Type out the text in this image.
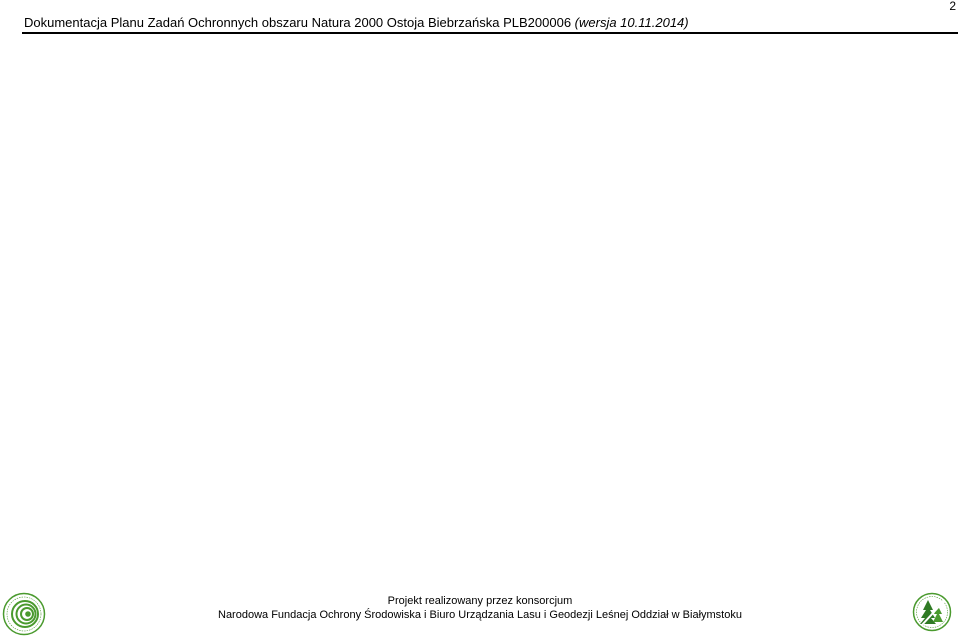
2
Dokumentacja Planu Zadań Ochronnych obszaru Natura 2000 Ostoja Biebrzańska PLB200006 (wersja 10.11.2014)
Projekt realizowany przez konsorcjum
Narodowa Fundacja Ochrony Środowiska i Biuro Urządzania Lasu i Geodezji Leśnej Oddział w Białymstoku
